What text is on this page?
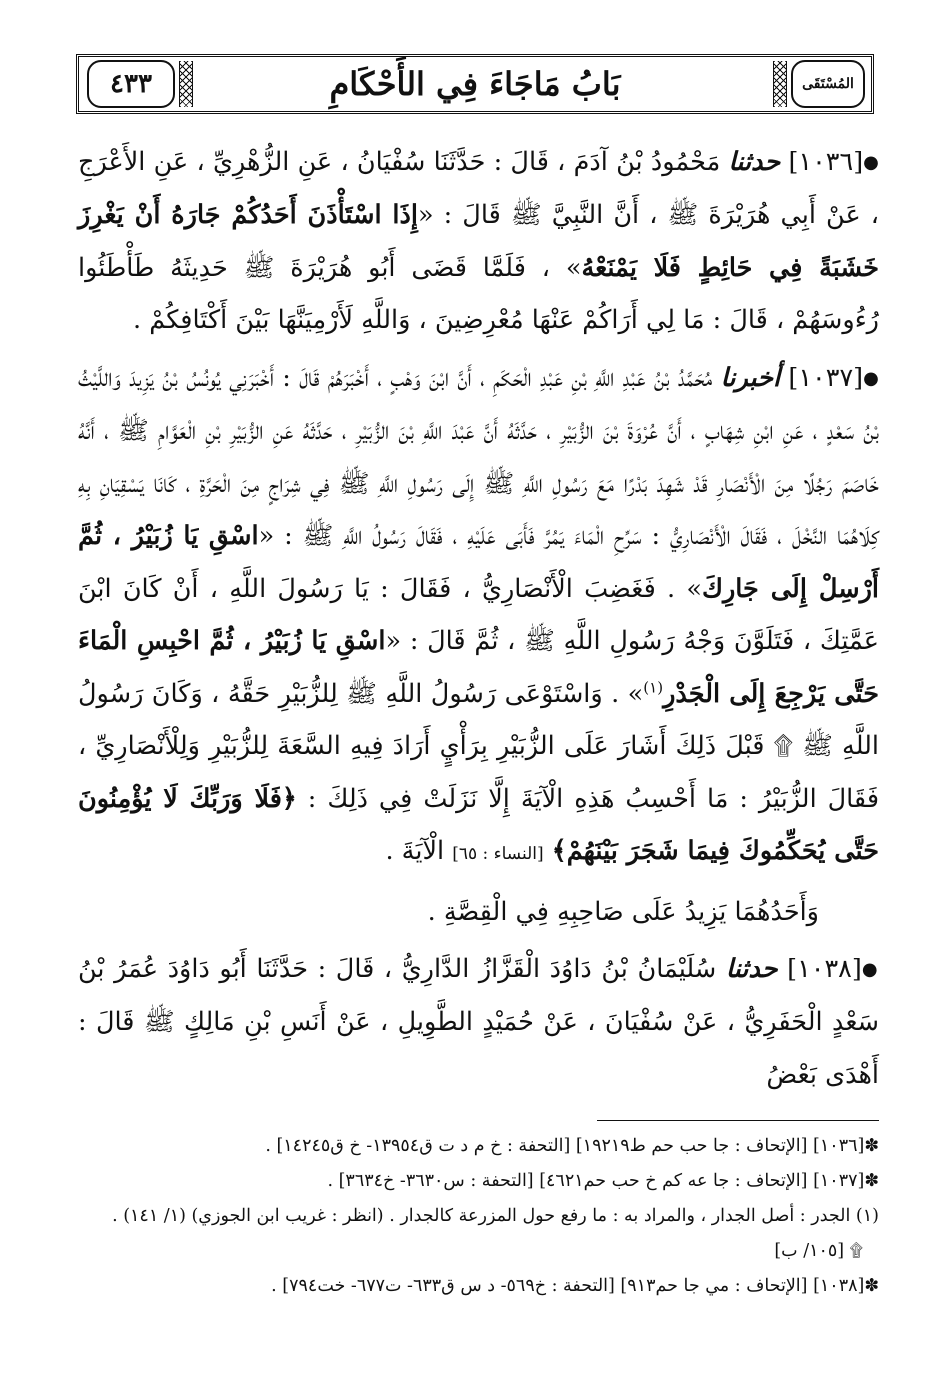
المُسْتَقَى
بَابُ مَاجَاءَ فِي الأَحْكَامِ
٤٣٣

●[١٠٣٦] حدثنا مَحْمُودُ بْنُ آدَمَ ، قَالَ : حَدَّثَنَا سُفْيَانُ ، عَنِ الزُّهْرِيِّ ، عَنِ الأَعْرَجِ ، عَنْ أَبِي هُرَيْرَةَ ﷺ ، أَنَّ النَّبِيَّ ﷺ قَالَ : «إِذَا اسْتَأْذَنَ أَحَدُكُمْ جَارَهُ أَنْ يَغْرِزَ خَشَبَةً فِي حَائِطٍ فَلَا يَمْنَعْهُ» ، فَلَمَّا قَضَى أَبُو هُرَيْرَةَ ﷺ حَدِيثَهُ طَأْطَئُوا رُءُوسَهُمْ ، قَالَ : مَا لِي أَرَاكُمْ عَنْهَا مُعْرِضِينَ ، وَاللَّهِ لَأَرْمِيَنَّهَا بَيْنَ أَكْتَافِكُمْ .

●[١٠٣٧] أخبرنا مُحَمَّدُ بْنُ عَبْدِ اللَّهِ بْنِ عَبْدِ الْحَكَمِ ، أَنَّ ابْنَ وَهْبٍ ، أَخْبَرَهُمْ قَالَ : أَخْبَرَنِي يُونُسُ بْنُ يَزِيدَ وَاللَّيْثُ بْنُ سَعْدٍ ، عَنِ ابْنِ شِهَابٍ ، أَنَّ عُرْوَةَ بْنَ الزُّبَيْرِ ، حَدَّثَهُ أَنَّ عَبْدَ اللَّهِ بْنَ الزُّبَيْرِ ، حَدَّثَهُ عَنِ الزُّبَيْرِ بْنِ الْعَوَّامِ ﷺ ، أَنَّهُ خَاصَمَ رَجُلًا مِنَ الْأَنْصَارِ قَدْ شَهِدَ بَدْرًا مَعَ رَسُولِ اللَّهِ ﷺ إِلَى رَسُولِ اللَّهِ ﷺ فِي شِرَاجٍ مِنَ الْحَرَّةِ ، كَانَا يَسْقِيَانِ بِهِ كِلَاهُمَا النَّخْلَ ، فَقَالَ الْأَنْصَارِيُّ : سَرِّحِ الْمَاءَ يَمُرَّ فَأَبَى عَلَيْهِ ، فَقَالَ رَسُولُ اللَّهِ ﷺ : «اسْقِ يَا زُبَيْرُ ، ثُمَّ أَرْسِلْ إِلَى جَارِكَ» . فَغَضِبَ الْأَنْصَارِيُّ ، فَقَالَ : يَا رَسُولَ اللَّهِ ، أَنْ كَانَ ابْنَ عَمَّتِكَ ، فَتَلَوَّنَ وَجْهُ رَسُولِ اللَّهِ ﷺ ، ثُمَّ قَالَ : «اسْقِ يَا زُبَيْرُ ، ثُمَّ احْبِسِ الْمَاءَ حَتَّى يَرْجِعَ إِلَى الْجَدْرِ$^{(١)}$» . وَاسْتَوْعَى رَسُولُ اللَّهِ ﷺ لِلزُّبَيْرِ حَقَّهُ ، وَكَانَ رَسُولُ اللَّهِ ﷺ ۩ قَبْلَ ذَلِكَ أَشَارَ عَلَى الزُّبَيْرِ بِرَأْيٍ أَرَادَ فِيهِ السَّعَةَ لِلزُّبَيْرِ وَلِلْأَنْصَارِيِّ ، فَقَالَ الزُّبَيْرُ : مَا أَحْسِبُ هَذِهِ الْآيَةَ إِلَّا نَزَلَتْ فِي ذَلِكَ : ﴿فَلَا وَرَبِّكَ لَا يُؤْمِنُونَ حَتَّى يُحَكِّمُوكَ فِيمَا شَجَرَ بَيْنَهُمْ﴾ [النساء : ٦٥] الْآيَةَ .

وَأَحَدُهُمَا يَزِيدُ عَلَى صَاحِبِهِ فِي الْقِصَّةِ .

●[١٠٣٨] حدثنا سُلَيْمَانُ بْنُ دَاوُدَ الْقَزَّازُ الدَّارِيُّ ، قَالَ : حَدَّثَنَا أَبُو دَاوُدَ عُمَرُ بْنُ سَعْدٍ الْحَفَرِيُّ ، عَنْ سُفْيَانَ ، عَنْ حُمَيْدٍ الطَّوِيلِ ، عَنْ أَنَسِ بْنِ مَالِكٍ ﷺ قَالَ : أَهْدَى بَعْضُ

✽[١٠٣٦] [الإتحاف : جا حب حم ط١٩٢١٩] [التحفة : خ م د ت ق١٣٩٥٤- خ ق١٤٢٤٥] .

✽[١٠٣٧] [الإتحاف : جا عه كم خ حب حم٤٦٢١] [التحفة : س٣٦٣٠- خ٣٦٣٤] .

(١) الجدر : أصل الجدار ، والمراد به : ما رفع حول المزرعة كالجدار . (انظر : غريب ابن الجوزي) (١/ ١٤١) .

۩ [١٠٥/ ب]

✽[١٠٣٨] [الإتحاف : مي جا حم٩١٣] [التحفة : خ٥٦٩- د س ق٦٣٣- ت٦٧٧- خت٧٩٤] .
